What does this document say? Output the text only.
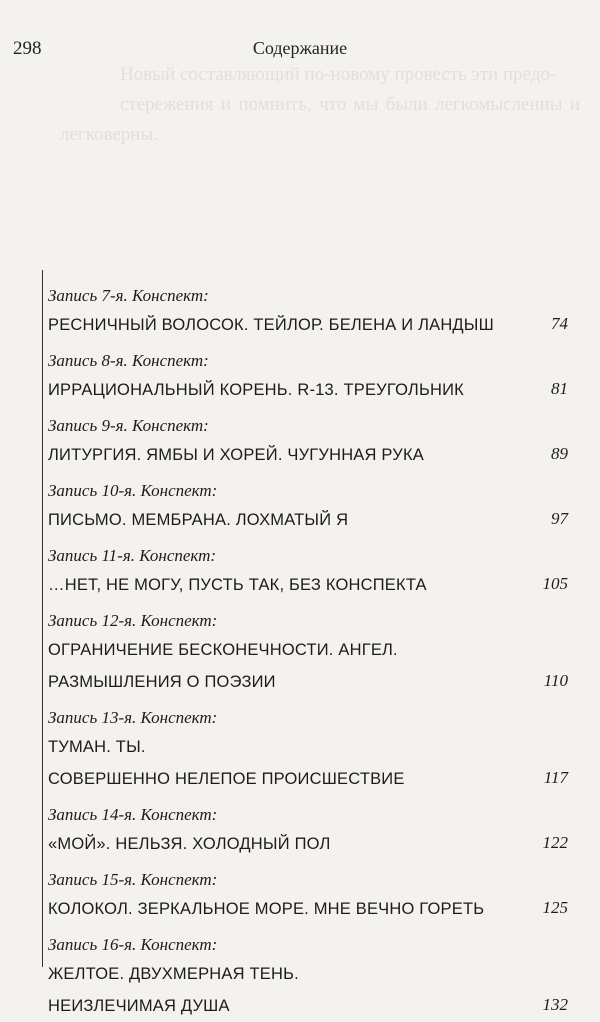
298	Содержание

Новый составляющий по-новому провесть эти предо-

стережения и помнить, что мы были легкомысленны и легковерны.

Запись 7-я. Конспект:
РЕСНИЧНЫЙ ВОЛОСОК. ТЕЙЛОР. БЕЛЕНА И ЛАНДЫШ	74
Запись 8-я. Конспект:
ИРРАЦИОНАЛЬНЫЙ КОРЕНЬ. R-13. ТРЕУГОЛЬНИК	81
Запись 9-я. Конспект:
ЛИТУРГИЯ. ЯМБЫ И ХОРЕЙ. ЧУГУННАЯ РУКА	89
Запись 10-я. Конспект:
ПИСЬМО. МЕМБРАНА. ЛОХМАТЫЙ Я	97
Запись 11-я. Конспект:
…НЕТ, НЕ МОГУ, ПУСТЬ ТАК, БЕЗ КОНСПЕКТА	105
Запись 12-я. Конспект:
ОГРАНИЧЕНИЕ БЕСКОНЕЧНОСТИ. АНГЕЛ.
РАЗМЫШЛЕНИЯ О ПОЭЗИИ	110
Запись 13-я. Конспект:
ТУМАН. ТЫ.
СОВЕРШЕННО НЕЛЕПОЕ ПРОИСШЕСТВИЕ	117
Запись 14-я. Конспект:
«МОЙ». НЕЛЬЗЯ. ХОЛОДНЫЙ ПОЛ	122
Запись 15-я. Конспект:
КОЛОКОЛ. ЗЕРКАЛЬНОЕ МОРЕ. МНЕ ВЕЧНО ГОРЕТЬ	125
Запись 16-я. Конспект:
ЖЕЛТОЕ. ДВУХМЕРНАЯ ТЕНЬ.
НЕИЗЛЕЧИМАЯ ДУША	132
